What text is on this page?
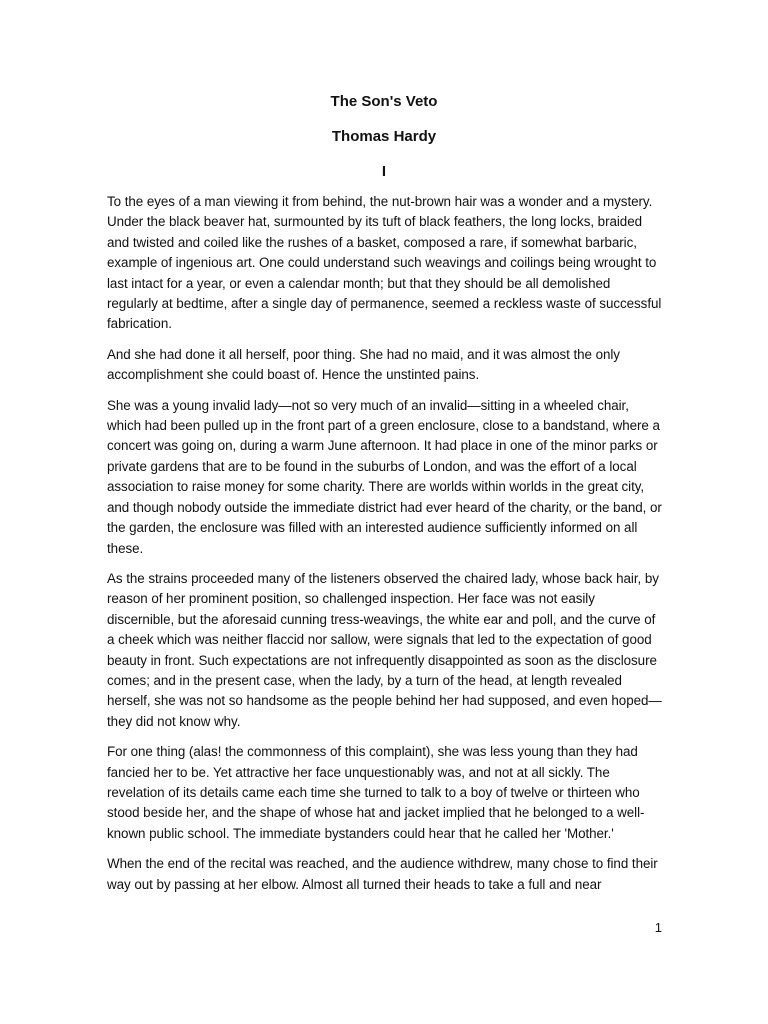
The Son's Veto
Thomas Hardy
I

To the eyes of a man viewing it from behind, the nut-brown hair was a wonder and a mystery. Under the black beaver hat, surmounted by its tuft of black feathers, the long locks, braided and twisted and coiled like the rushes of a basket, composed a rare, if somewhat barbaric, example of ingenious art. One could understand such weavings and coilings being wrought to last intact for a year, or even a calendar month; but that they should be all demolished regularly at bedtime, after a single day of permanence, seemed a reckless waste of successful fabrication.

And she had done it all herself, poor thing. She had no maid, and it was almost the only accomplishment she could boast of. Hence the unstinted pains.

She was a young invalid lady—not so very much of an invalid—sitting in a wheeled chair, which had been pulled up in the front part of a green enclosure, close to a bandstand, where a concert was going on, during a warm June afternoon. It had place in one of the minor parks or private gardens that are to be found in the suburbs of London, and was the effort of a local association to raise money for some charity. There are worlds within worlds in the great city, and though nobody outside the immediate district had ever heard of the charity, or the band, or the garden, the enclosure was filled with an interested audience sufficiently informed on all these.

As the strains proceeded many of the listeners observed the chaired lady, whose back hair, by reason of her prominent position, so challenged inspection. Her face was not easily discernible, but the aforesaid cunning tress-weavings, the white ear and poll, and the curve of a cheek which was neither flaccid nor sallow, were signals that led to the expectation of good beauty in front. Such expectations are not infrequently disappointed as soon as the disclosure comes; and in the present case, when the lady, by a turn of the head, at length revealed herself, she was not so handsome as the people behind her had supposed, and even hoped—they did not know why.

For one thing (alas! the commonness of this complaint), she was less young than they had fancied her to be. Yet attractive her face unquestionably was, and not at all sickly. The revelation of its details came each time she turned to talk to a boy of twelve or thirteen who stood beside her, and the shape of whose hat and jacket implied that he belonged to a well-known public school. The immediate bystanders could hear that he called her 'Mother.'

When the end of the recital was reached, and the audience withdrew, many chose to find their way out by passing at her elbow. Almost all turned their heads to take a full and near

1
